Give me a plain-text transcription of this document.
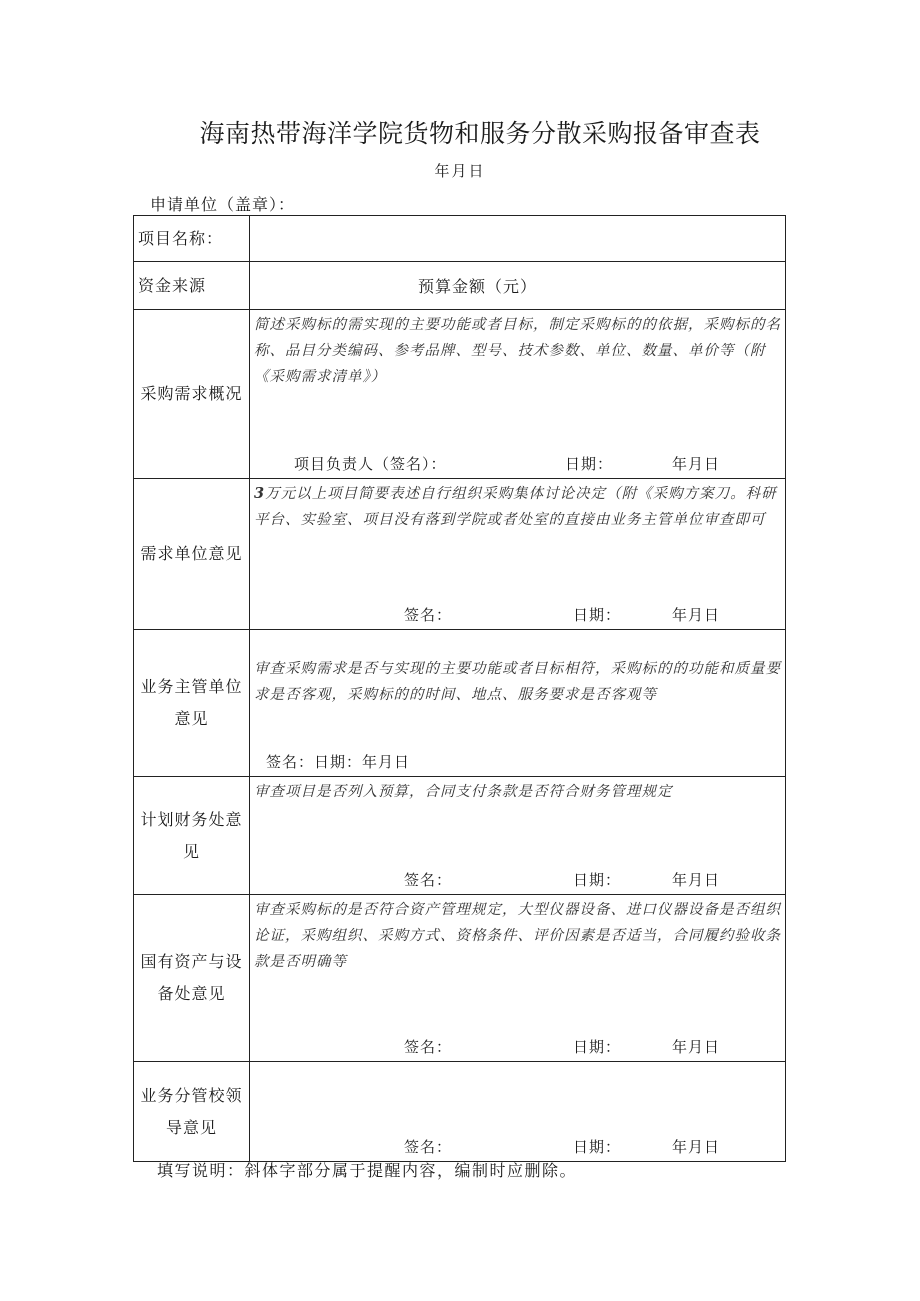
海南热带海洋学院货物和服务分散采购报备审查表
年月日
申请单位（盖章）：
项目名称：	
资金来源	预算金额（元）
采购需求概况	简述采购标的需实现的主要功能或者目标，制定采购标的的依据，采购标的名称、品目分类编码、参考品牌、型号、技术参数、单位、数量、单价等（附《采购需求清单》）
项目负责人（签名）： 日期： 年月日

需求单位意见	3万元以上项目简要表述自行组织采购集体讨论决定（附《采购方案刀。科研平台、实验室、项目没有落到学院或者处室的直接由业务主管单位审查即可
签名： 日期： 年月日

业务主管单位意见	审查采购需求是否与实现的主要功能或者目标相符，采购标的的功能和质量要求是否客观，采购标的的时间、地点、服务要求是否客观等
签名：日期：年月日

计划财务处意见	审查项目是否列入预算，合同支付条款是否符合财务管理规定
签名： 日期： 年月日

国有资产与设备处意见	审查采购标的是否符合资产管理规定，大型仪器设备、进口仪器设备是否组织论证，采购组织、采购方式、资格条件、评价因素是否适当，合同履约验收条款是否明确等
签名： 日期： 年月日

业务分管校领导意见	签名： 日期： 年月日
填写说明：斜体字部分属于提醒内容，编制时应删除。
